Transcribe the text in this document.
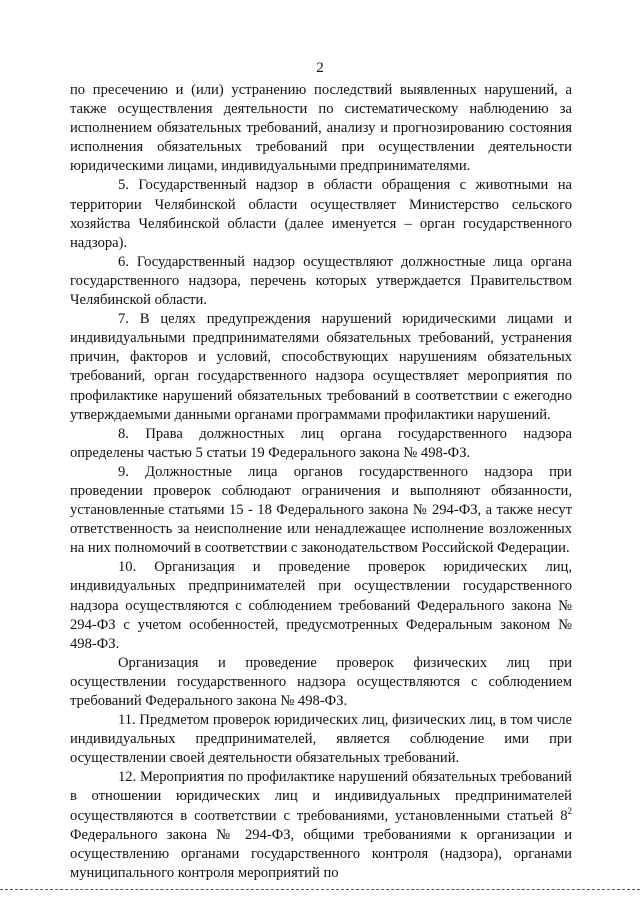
2

по пресечению и (или) устранению последствий выявленных нарушений, а также осуществления деятельности по систематическому наблюдению за исполнением обязательных требований, анализу и прогнозированию состояния исполнения обязательных требований при осуществлении деятельности юридическими лицами, индивидуальными предпринимателями.

5. Государственный надзор в области обращения с животными на территории Челябинской области осуществляет Министерство сельского хозяйства Челябинской области (далее именуется – орган государственного надзора).

6. Государственный надзор осуществляют должностные лица органа государственного надзора, перечень которых утверждается Правительством Челябинской области.

7. В целях предупреждения нарушений юридическими лицами и индивидуальными предпринимателями обязательных требований, устранения причин, факторов и условий, способствующих нарушениям обязательных требований, орган государственного надзора осуществляет мероприятия по профилактике нарушений обязательных требований в соответствии с ежегодно утверждаемыми данными органами программами профилактики нарушений.

8. Права должностных лиц органа государственного надзора определены частью 5 статьи 19 Федерального закона № 498-ФЗ.

9. Должностные лица органов государственного надзора при проведении проверок соблюдают ограничения и выполняют обязанности, установленные статьями 15 - 18 Федерального закона № 294-ФЗ, а также несут ответственность за неисполнение или ненадлежащее исполнение возложенных на них полномочий в соответствии с законодательством Российской Федерации.

10. Организация и проведение проверок юридических лиц, индивидуальных предпринимателей при осуществлении государственного надзора осуществляются с соблюдением требований Федерального закона № 294-ФЗ с учетом особенностей, предусмотренных Федеральным законом № 498-ФЗ.

Организация и проведение проверок физических лиц при осуществлении государственного надзора осуществляются с соблюдением требований Федерального закона № 498-ФЗ.

11. Предметом проверок юридических лиц, физических лиц, в том числе индивидуальных предпринимателей, является соблюдение ими при осуществлении своей деятельности обязательных требований.

12. Мероприятия по профилактике нарушений обязательных требований в отношении юридических лиц и индивидуальных предпринимателей осуществляются в соответствии с требованиями, установленными статьей $8^2$ Федерального закона № 294-ФЗ, общими требованиями к организации и осуществлению органами государственного контроля (надзора), органами муниципального контроля мероприятий по
